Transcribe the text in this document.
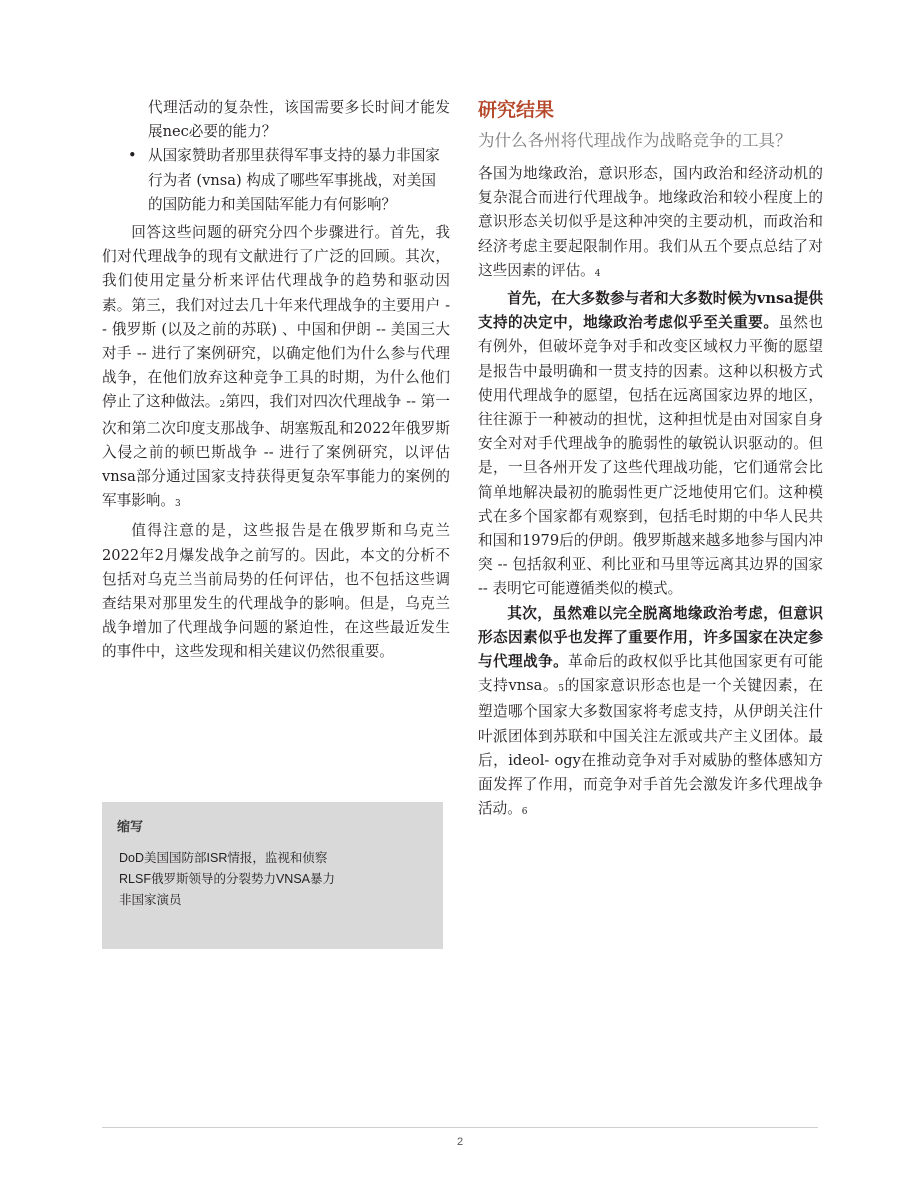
代理活动的复杂性，该国需要多长时间才能发展nec必要的能力？

• 从国家赞助者那里获得军事支持的暴力非国家行为者 (vnsa) 构成了哪些军事挑战，对美国的国防能力和美国陆军能力有何影响？

回答这些问题的研究分四个步骤进行。首先，我们对代理战争的现有文献进行了广泛的回顾。其次，我们使用定量分析来评估代理战争的趋势和驱动因素。第三，我们对过去几十年来代理战争的主要用户 -- 俄罗斯 (以及之前的苏联) 、中国和伊朗 -- 美国三大对手 -- 进行了案例研究，以确定他们为什么参与代理战争，在他们放弃这种竞争工具的时期，为什么他们停止了这种做法。2第四，我们对四次代理战争 -- 第一次和第二次印度支那战争、胡塞叛乱和2022年俄罗斯入侵之前的顿巴斯战争 -- 进行了案例研究，以评估vnsa部分通过国家支持获得更复杂军事能力的案例的军事影响。3

值得注意的是，这些报告是在俄罗斯和乌克兰2022年2月爆发战争之前写的。因此，本文的分析不包括对乌克兰当前局势的任何评估，也不包括这些调查结果对那里发生的代理战争的影响。但是，乌克兰战争增加了代理战争问题的紧迫性，在这些最近发生的事件中，这些发现和相关建议仍然很重要。

缩写
DoD美国国防部ISR情报，监视和侦察
RLSF俄罗斯领导的分裂势力VNSA暴力
非国家演员
研究结果
为什么各州将代理战作为战略竞争的工具？

各国为地缘政治，意识形态，国内政治和经济动机的复杂混合而进行代理战争。地缘政治和较小程度上的意识形态关切似乎是这种冲突的主要动机，而政治和经济考虑主要起限制作用。我们从五个要点总结了对这些因素的评估。4

首先，在大多数参与者和大多数时候为vnsa提供支持的决定中，地缘政治考虑似乎至关重要。虽然也有例外，但破坏竞争对手和改变区域权力平衡的愿望是报告中最明确和一贯支持的因素。这种以积极方式使用代理战争的愿望，包括在远离国家边界的地区，往往源于一种被动的担忧，这种担忧是由对国家自身安全对对手代理战争的脆弱性的敏锐认识驱动的。但是，一旦各州开发了这些代理战功能，它们通常会比简单地解决最初的脆弱性更广泛地使用它们。这种模式在多个国家都有观察到，包括毛时期的中华人民共和国和1979后的伊朗。俄罗斯越来越多地参与国内冲突 -- 包括叙利亚、利比亚和马里等远离其边界的国家 -- 表明它可能遵循类似的模式。

其次，虽然难以完全脱离地缘政治考虑，但意识形态因素似乎也发挥了重要作用，许多国家在决定参与代理战争。革命后的政权似乎比其他国家更有可能支持vnsa。5的国家意识形态也是一个关键因素，在塑造哪个国家大多数国家将考虑支持，从伊朗关注什叶派团体到苏联和中国关注左派或共产主义团体。最后，ideol- ogy在推动竞争对手对威胁的整体感知方面发挥了作用，而竞争对手首先会激发许多代理战争活动。6

2
